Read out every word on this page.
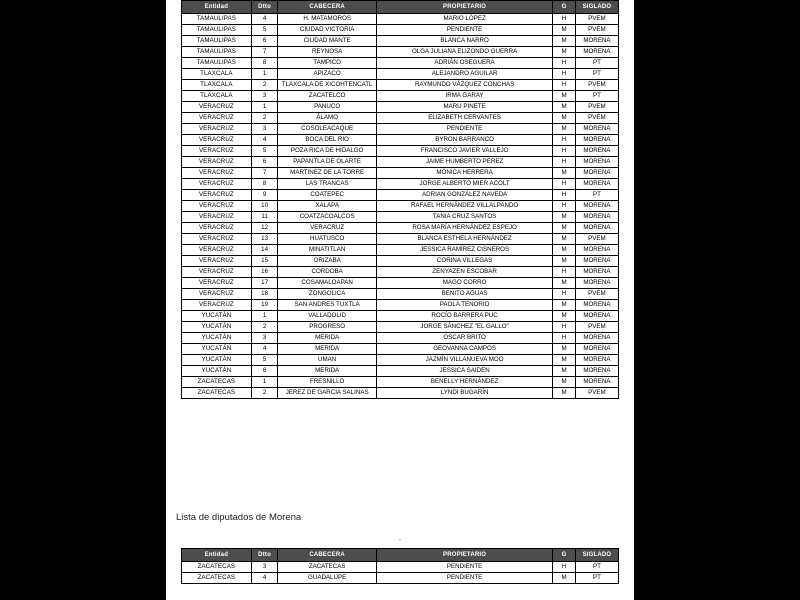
Entidad	Dtto	CABECERA	PROPIETARIO	G	SIGLADO
TAMAULIPAS	4	H. MATAMOROS	MARIO LÓPEZ	H	PVEM
TAMAULIPAS	5	CIUDAD VICTORIA	PENDIENTE	M	PVEM
TAMAULIPAS	6	CIUDAD MANTE	BLANCA NARRO	M	MORENA
TAMAULIPAS	7	REYNOSA	OLGA JULIANA ELIZONDO GUERRA	M	MORENA
TAMAULIPAS	8	TAMPICO	ADRIÁN OSEGUERA	H	PT
TLAXCALA	1	APIZACO	ALEJANDRO AGUILAR	H	PT
TLAXCALA	2	TLAXCALA DE XICOHTENCATL	RAYMUNDO VÁZQUEZ CONCHAS	H	PVEM
TLAXCALA	3	ZACATELCO	IRMA GARAY	M	PT
VERACRUZ	1	PANUCO	MARU PINETE	M	PVEM
VERACRUZ	2	ÁLAMO	ELIZABETH CERVANTES	M	PVEM
VERACRUZ	3	COSOLEACAQUE	PENDIENTE	M	MORENA
VERACRUZ	4	BOCA DEL RIO	BYRON BARRANCO	H	MORENA
VERACRUZ	5	POZA RICA DE HIDALGO	FRANCISCO JAVIER VALLEJO	H	MORENA
VERACRUZ	6	PAPANTLA DE OLARTE	JAIME HUMBERTO PEREZ	H	MORENA
VERACRUZ	7	MARTINEZ DE LA TORRE	MÓNICA HERRERA	M	MORENA
VERACRUZ	8	LAS TRANCAS	JORGE ALBERTO MIER ACOLT	H	MORENA
VERACRUZ	9	COATEPEC	ADRIAN GONZÁLEZ NAVEDA	H	PT
VERACRUZ	10	XALAPA	RAFAEL HERNÁNDEZ VILLALPANDO	H	MORENA
VERACRUZ	11	COATZACOALCOS	TANIA CRUZ SANTOS	M	MORENA
VERACRUZ	12	VERACRUZ	ROSA MARÍA HERNÁNDEZ ESPEJO	M	MORENA
VERACRUZ	13	HUATUSCO	BLANCA ESTHELA HERNÁNDEZ	M	PVEM
VERACRUZ	14	MINATITLAN	JESSICA RAMÍREZ CISNEROS	M	MORENA
VERACRUZ	15	ORIZABA	CORINA VILLEGAS	M	MORENA
VERACRUZ	16	CORDOBA	ZENYAZEN ESCOBAR	H	MORENA
VERACRUZ	17	COSAMALOAPAN	MAGO CORRO	M	MORENA
VERACRUZ	18	ZONGOLICA	BENITO AGUAS	H	PVEM
VERACRUZ	19	SAN ANDRES TUXTLA	PAOLA TENORIO	M	MORENA
YUCATÁN	1	VALLADOLID	ROCÍO BARRERA PUC	M	MORENA
YUCATÁN	2	PROGRESO	JORGE SÁNCHEZ "EL GALLO"	H	PVEM
YUCATÁN	3	MERIDA	OSCAR BRITO	H	MORENA
YUCATÁN	4	MERIDA	GEOVANNA CAMPOS	M	MORENA
YUCATÁN	5	UMAN	JAZMÍN VILLANUEVA MOO	M	MORENA
YUCATÁN	6	MERIDA	JESSICA SAIDEN	M	MORENA
ZACATECAS	1	FRESNILLO	BENELLY HERNÁNDEZ	M	MORENA
ZACATECAS	2	JEREZ DE GARCIA SALINAS	LYNDI BUGARÍN	M	PVEM
Lista de diputados de Morena
.
Entidad	Dtto	CABECERA	PROPIETARIO	G	SIGLADO
ZACATECAS	3	ZACATECAS	PENDIENTE	H	PT
ZACATECAS	4	GUADALUPE	PENDIENTE	M	PT
